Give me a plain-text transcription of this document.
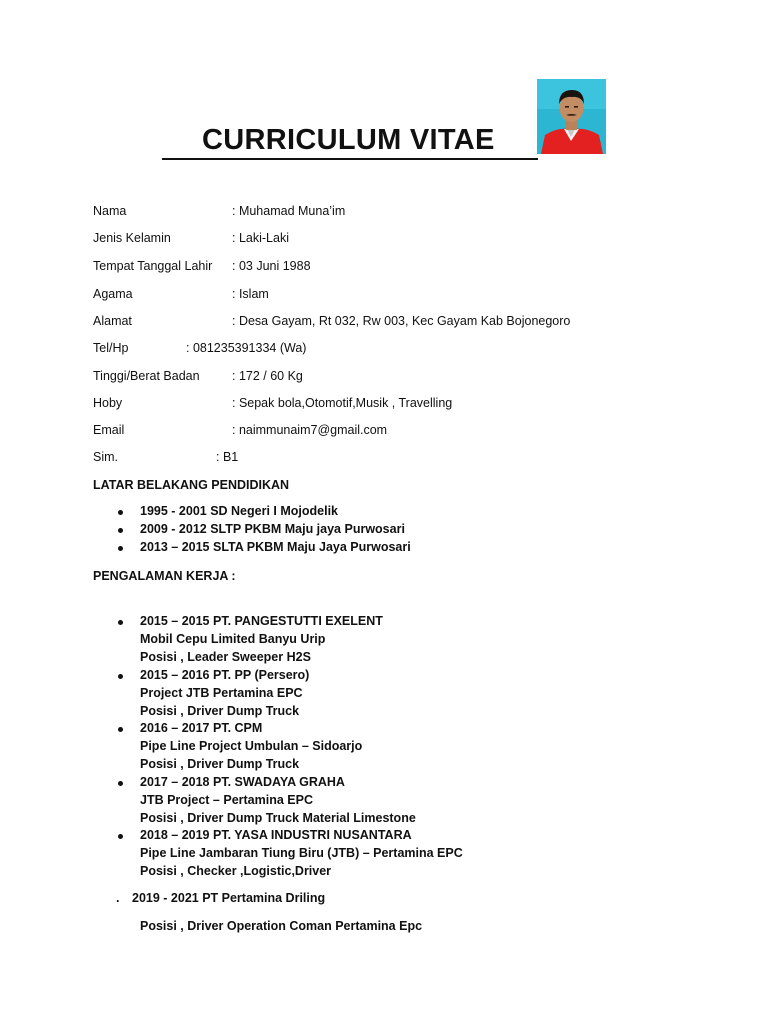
CURRICULUM VITAE
Nama	: Muhamad Muna’im
Jenis Kelamin	: Laki-Laki
Tempat Tanggal Lahir : 03 Juni 1988
Agama	: Islam
Alamat	: Desa Gayam, Rt 032, Rw 003, Kec Gayam Kab Bojonegoro
Tel/Hp	: 081235391334 (Wa)
Tinggi/Berat Badan	: 172 / 60 Kg
Hoby	: Sepak bola,Otomotif,Musik , Travelling
Email	: naimmunaim7@gmail.com
Sim.	: B1
LATAR BELAKANG PENDIDIKAN
1995 - 2001 SD Negeri I Mojodelik
2009 - 2012 SLTP PKBM Maju jaya Purwosari
2013 – 2015 SLTA PKBM Maju Jaya Purwosari
PENGALAMAN KERJA :
2015 – 2015 PT. PANGESTUTTI EXELENT
Mobil Cepu Limited Banyu Urip
Posisi , Leader Sweeper H2S
2015 – 2016 PT. PP (Persero)
Project JTB Pertamina EPC
Posisi , Driver Dump Truck
2016 – 2017 PT. CPM
Pipe Line Project Umbulan – Sidoarjo
Posisi , Driver Dump Truck
2017 – 2018 PT. SWADAYA GRAHA
JTB Project – Pertamina EPC
Posisi , Driver Dump Truck Material Limestone
2018 – 2019 PT. YASA INDUSTRI NUSANTARA
Pipe Line Jambaran Tiung Biru (JTB) – Pertamina EPC
Posisi , Checker ,Logistic,Driver
. 2019 - 2021 PT Pertamina Driling
Posisi , Driver Operation Coman Pertamina Epc
